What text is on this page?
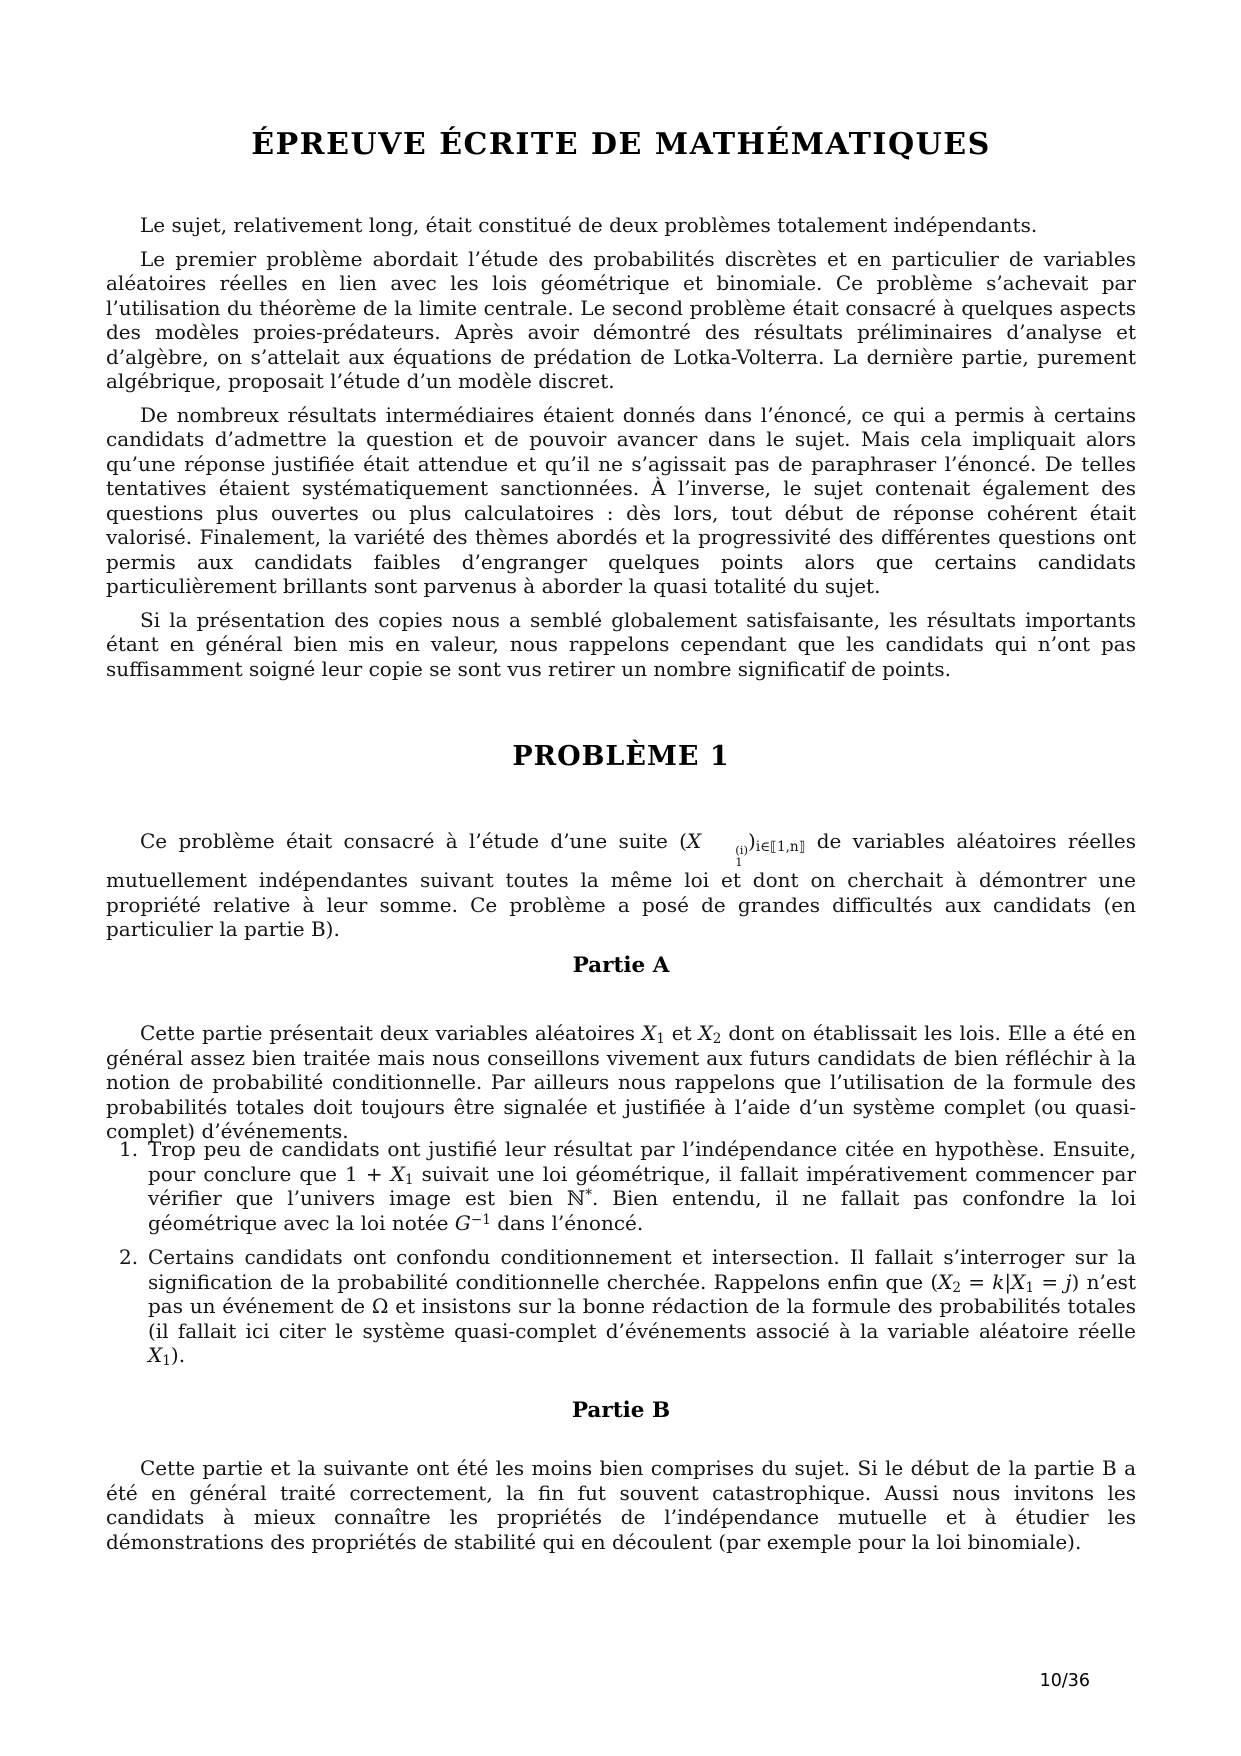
ÉPREUVE ÉCRITE DE MATHÉMATIQUES

Le sujet, relativement long, était constitué de deux problèmes totalement indépendants.

Le premier problème abordait l’étude des probabilités discrètes et en particulier de variables aléatoires réelles en lien avec les lois géométrique et binomiale. Ce problème s’achevait par l’utilisation du théorème de la limite centrale. Le second problème était consacré à quelques aspects des modèles proies-prédateurs. Après avoir démontré des résultats préliminaires d’analyse et d’algèbre, on s’attelait aux équations de prédation de Lotka-Volterra. La dernière partie, purement algébrique, proposait l’étude d’un modèle discret.

De nombreux résultats intermédiaires étaient donnés dans l’énoncé, ce qui a permis à certains candidats d’admettre la question et de pouvoir avancer dans le sujet. Mais cela impliquait alors qu’une réponse justifiée était attendue et qu’il ne s’agissait pas de paraphraser l’énoncé. De telles tentatives étaient systématiquement sanctionnées. À l’inverse, le sujet contenait également des questions plus ouvertes ou plus calculatoires : dès lors, tout début de réponse cohérent était valorisé. Finalement, la variété des thèmes abordés et la progressivité des différentes questions ont permis aux candidats faibles d’engranger quelques points alors que certains candidats particulièrement brillants sont parvenus à aborder la quasi totalité du sujet.

Si la présentation des copies nous a semblé globalement satisfaisante, les résultats importants étant en général bien mis en valeur, nous rappelons cependant que les candidats qui n’ont pas suffisamment soigné leur copie se sont vus retirer un nombre significatif de points.

PROBLÈME 1

Ce problème était consacré à l’étude d’une suite (X	(i)
1
)$_{i\in⟦1,n⟧}$ de variables aléatoires réelles mutuellement indépendantes suivant toutes la même loi et dont on cherchait à démontrer une propriété relative à leur somme. Ce problème a posé de grandes difficultés aux candidats (en particulier la partie B).

Partie A

Cette partie présentait deux variables aléatoires $X_1$ et $X_2$ dont on établissait les lois. Elle a été en général assez bien traitée mais nous conseillons vivement aux futurs candidats de bien réfléchir à la notion de probabilité conditionnelle. Par ailleurs nous rappelons que l’utilisation de la formule des probabilités totales doit toujours être signalée et justifiée à l’aide d’un système complet (ou quasi-complet) d’événements.

1. Trop peu de candidats ont justifié leur résultat par l’indépendance citée en hypothèse. Ensuite, pour conclure que $1 + X_1$ suivait une loi géométrique, il fallait impérativement commencer par vérifier que l’univers image est bien ℕ*. Bien entendu, il ne fallait pas confondre la loi géométrique avec la loi notée $G^{-1}$ dans l’énoncé.
2. Certains candidats ont confondu conditionnement et intersection. Il fallait s’interroger sur la signification de la probabilité conditionnelle cherchée. Rappelons enfin que $(X_2 = k|X_1 = j)$ n’est pas un événement de Ω et insistons sur la bonne rédaction de la formule des probabilités totales (il fallait ici citer le système quasi-complet d’événements associé à la variable aléatoire réelle $X_1$).
Partie B

Cette partie et la suivante ont été les moins bien comprises du sujet. Si le début de la partie B a été en général traité correctement, la fin fut souvent catastrophique. Aussi nous invitons les candidats à mieux connaître les propriétés de l’indépendance mutuelle et à étudier les démonstrations des propriétés de stabilité qui en découlent (par exemple pour la loi binomiale).

10/36
